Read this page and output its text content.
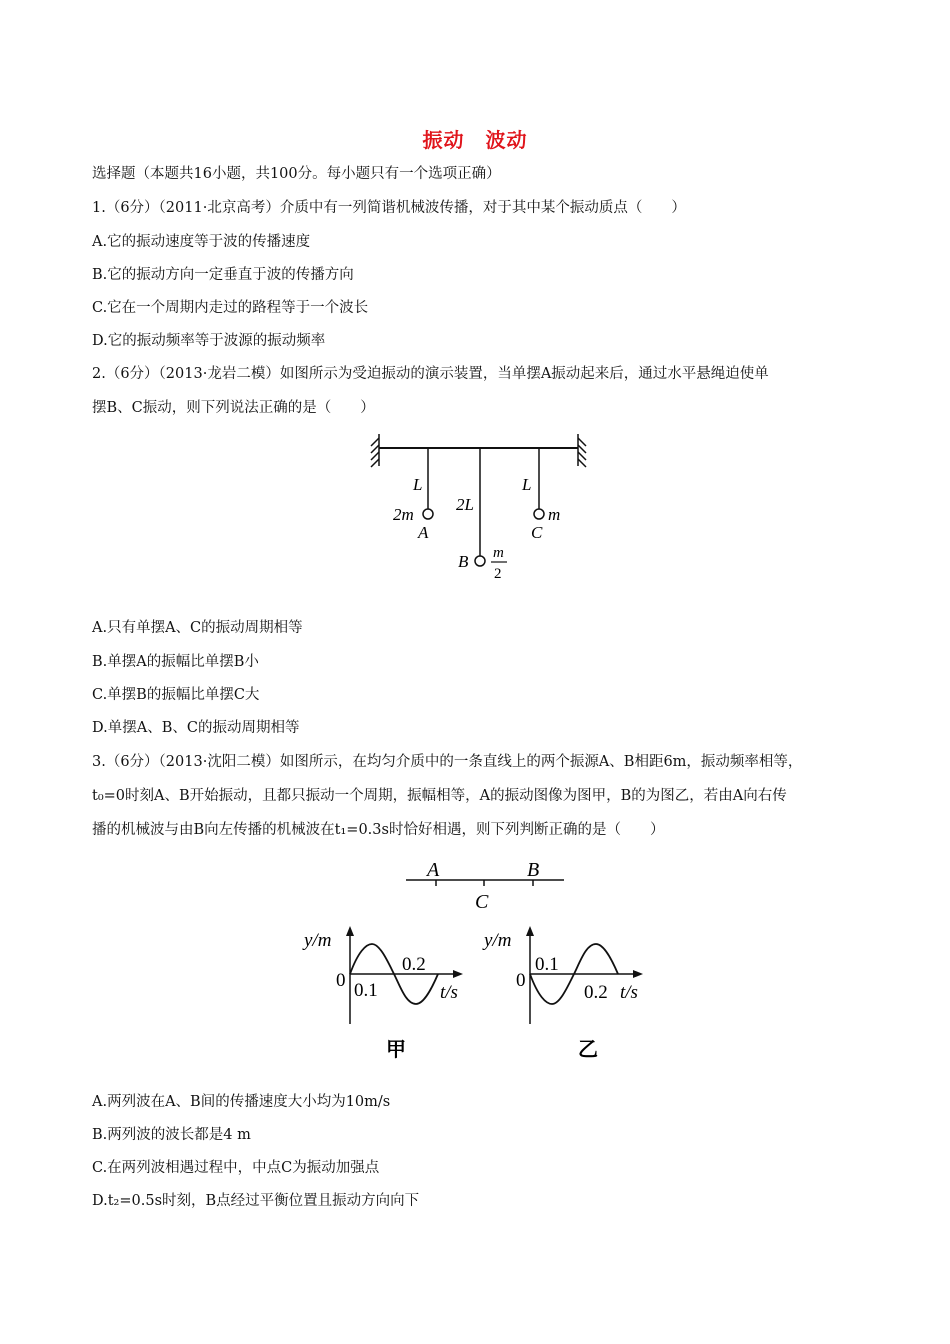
振动　波动
选择题（本题共16小题，共100分。每小题只有一个选项正确）
1.（6分）（2011·北京高考）介质中有一列简谐机械波传播，对于其中某个振动质点（　　）
A.它的振动速度等于波的传播速度
B.它的振动方向一定垂直于波的传播方向
C.它在一个周期内走过的路程等于一个波长
D.它的振动频率等于波源的振动频率
2.（6分）（2013·龙岩二模）如图所示为受迫振动的演示装置，当单摆A振动起来后，通过水平悬绳迫使单
摆B、C振动，则下列说法正确的是（　　）
L
2L
L
2m
A
B m
2
m
C
A.只有单摆A、C的振动周期相等
B.单摆A的振幅比单摆B小
C.单摆B的振幅比单摆C大
D.单摆A、B、C的振动周期相等
3.（6分）（2013·沈阳二模）如图所示，在均匀介质中的一条直线上的两个振源A、B相距6m，振动频率相等，
t₀=0时刻A、B开始振动，且都只振动一个周期，振幅相等，A的振动图像为图甲，B的为图乙，若由A向右传
播的机械波与由B向左传播的机械波在t₁=0.3s时恰好相遇，则下列判断正确的是（　　）
A	B
C
y/m
0 0.1
0.2
t/s
甲
y/m
0
0.1
0.2 t/s
乙
A.两列波在A、B间的传播速度大小均为10m/s
B.两列波的波长都是4 m
C.在两列波相遇过程中，中点C为振动加强点
D.t₂=0.5s时刻，B点经过平衡位置且振动方向向下
